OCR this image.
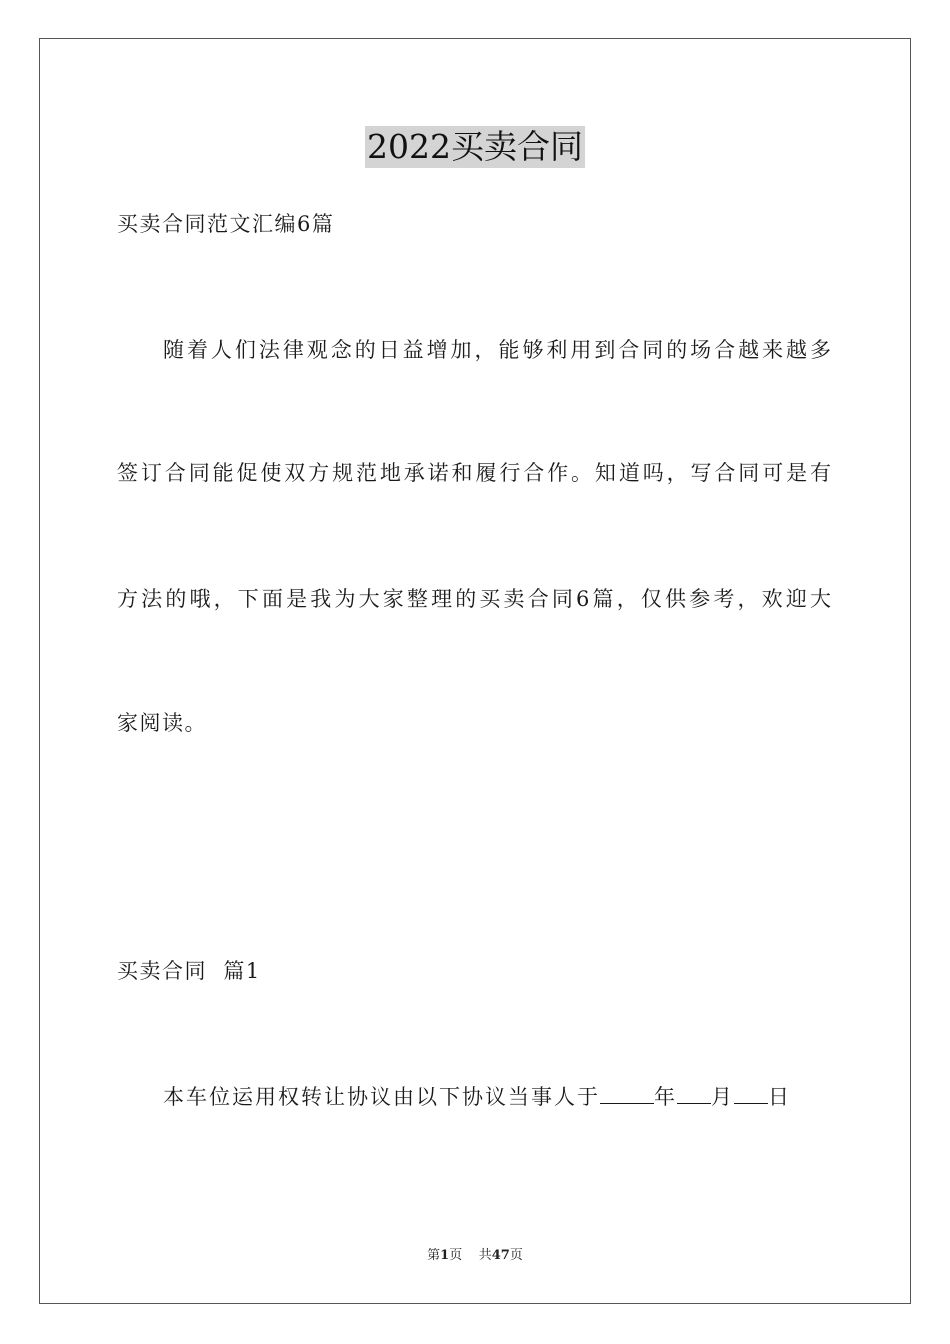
2022买卖合同
买卖合同范文汇编6篇
随着人们法律观念的日益增加，能够利用到合同的场合越来越多
签订合同能促使双方规范地承诺和履行合作。知道吗，写合同可是有
方法的哦，下面是我为大家整理的买卖合同6篇，仅供参考，欢迎大
家阅读。
买卖合同  篇1
本车位运用权转让协议由以下协议当事人于	年 月 日
第1页 共47页
